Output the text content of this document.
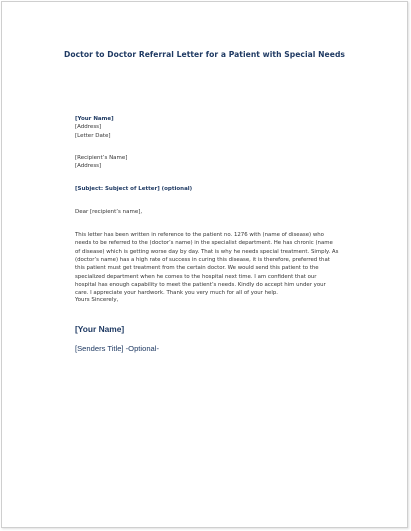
Doctor to Doctor Referral Letter for a Patient with Special Needs
[Your Name]
[Address]
[Letter Date]
[Recipient’s Name]
[Address]
[Subject: Subject of Letter] (optional)
Dear [recipient’s name],
This letter has been written in reference to the patient no. 1276 with (name of disease) who
needs to be referred to the (doctor’s name) in the specialist department. He has chronic (name
of disease) which is getting worse day by day. That is why he needs special treatment. Simply. As
(doctor’s name) has a high rate of success in curing this disease, it is therefore, preferred that
this patient must get treatment from the certain doctor. We would send this patient to the
specialized department when he comes to the hospital next time. I am confident that our
hospital has enough capability to meet the patient’s needs. Kindly do accept him under your
care. I appreciate your hardwork. Thank you very much for all of your help.
Yours Sincerely,
[Your Name]
[Senders Title] -Optional-
